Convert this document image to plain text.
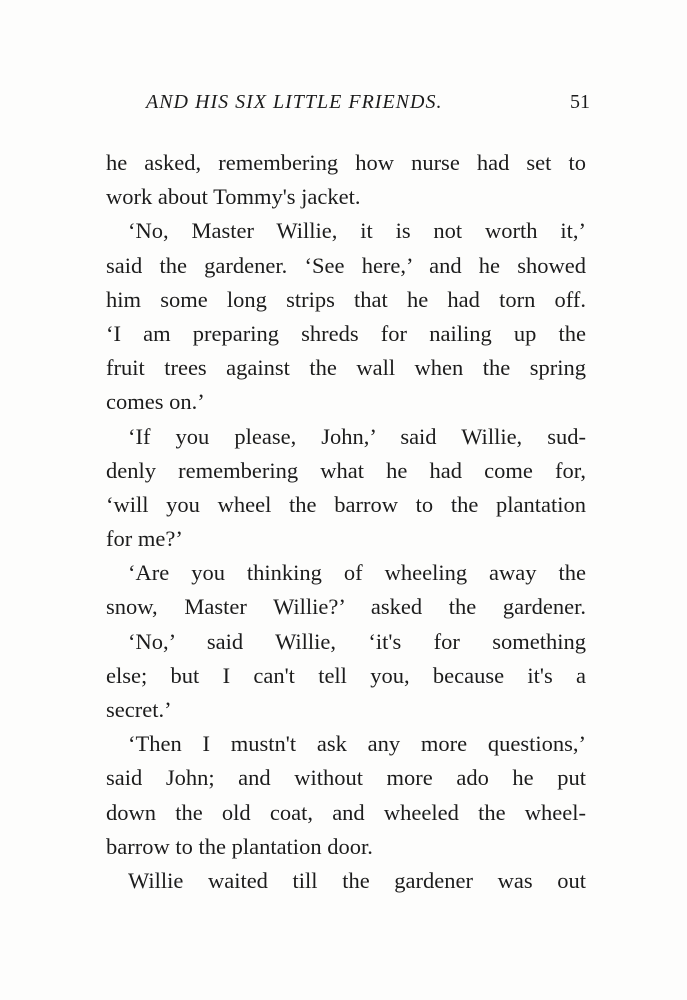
AND HIS SIX LITTLE FRIENDS.	51
he asked, remembering how nurse had set to
work about Tommy's jacket.
‘No, Master Willie, it is not worth it,’
said the gardener. ‘See here,’ and he showed
him some long strips that he had torn off.
‘I am preparing shreds for nailing up the
fruit trees against the wall when the spring
comes on.’
‘If you please, John,’ said Willie, sud-
denly remembering what he had come for,
‘will you wheel the barrow to the plantation
for me?’
‘Are you thinking of wheeling away the
snow, Master Willie?’ asked the gardener.
‘No,’ said Willie, ‘it's for something
else; but I can't tell you, because it's a
secret.’
‘Then I mustn't ask any more questions,’
said John; and without more ado he put
down the old coat, and wheeled the wheel-
barrow to the plantation door.
Willie waited till the gardener was out
